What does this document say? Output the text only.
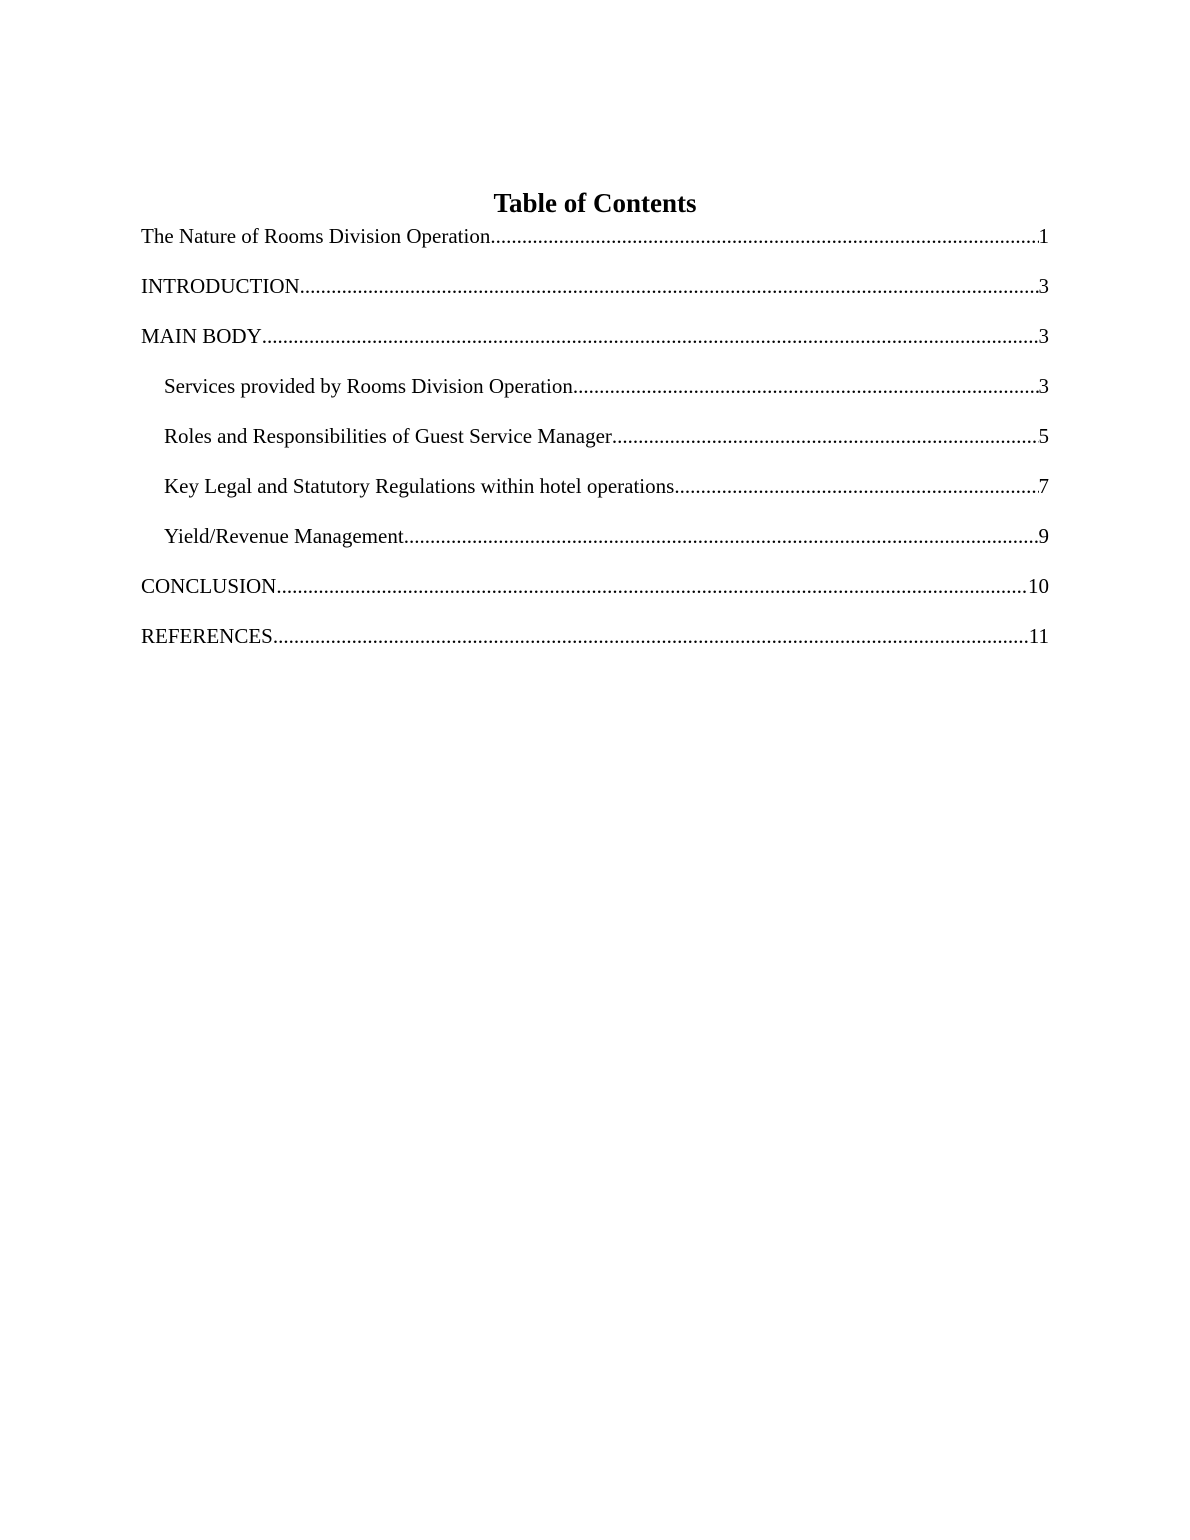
Table of Contents
The Nature of Rooms Division Operation .....	1
INTRODUCTION .....	3
MAIN BODY .....	3
Services provided by Rooms Division Operation .....	3
Roles and Responsibilities of Guest Service Manager .....	5
Key Legal and Statutory Regulations within hotel operations .....	7
Yield/Revenue Management .....	9
CONCLUSION .....	10
REFERENCES .....	11
